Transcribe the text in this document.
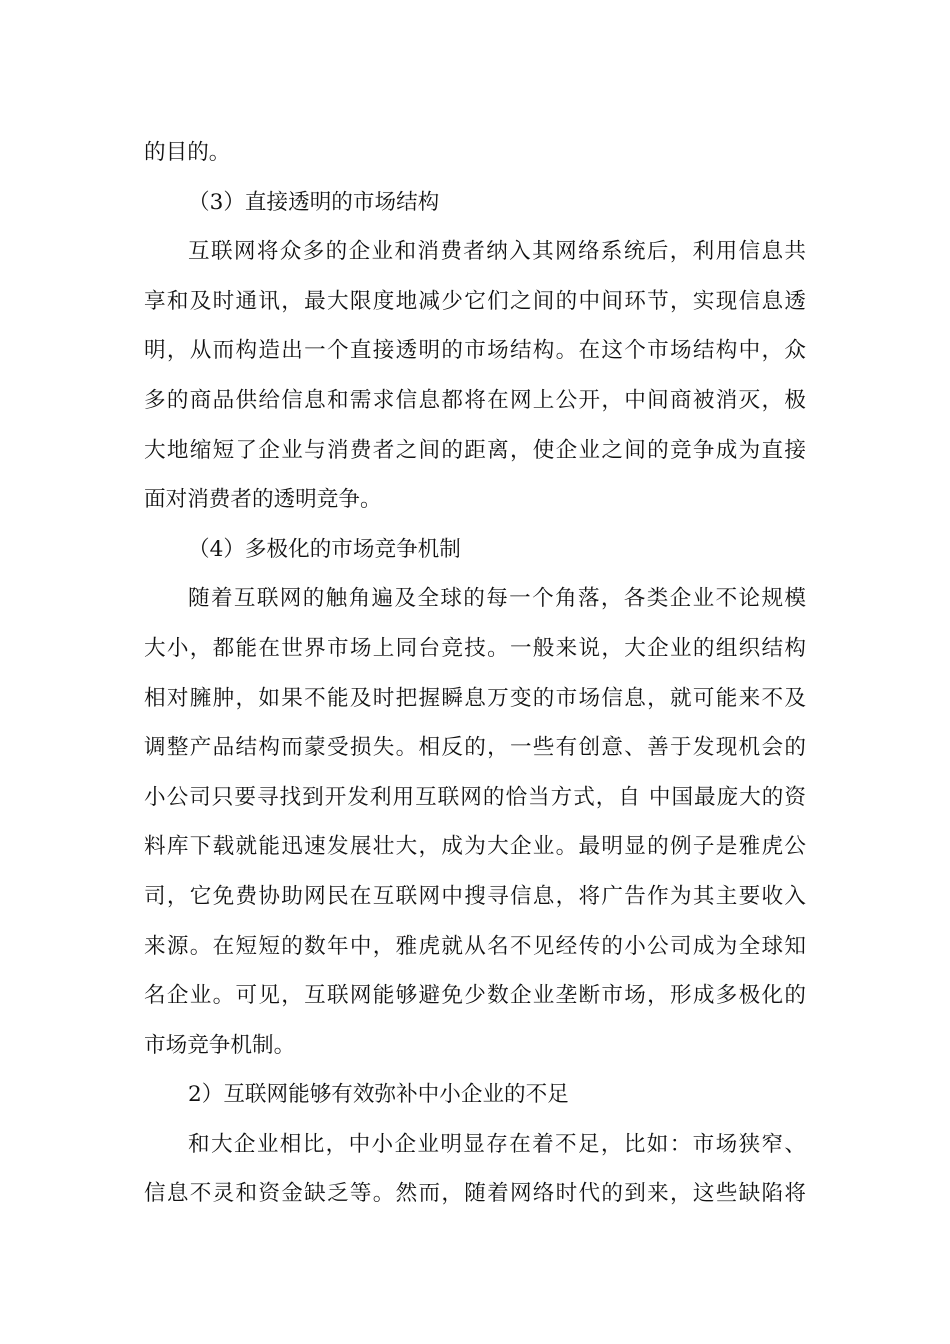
的目的。
（3）直接透明的市场结构
互联网将众多的企业和消费者纳入其网络系统后，利用信息共
享和及时通讯，最大限度地减少它们之间的中间环节，实现信息透
明，从而构造出一个直接透明的市场结构。在这个市场结构中，众
多的商品供给信息和需求信息都将在网上公开，中间商被消灭，极
大地缩短了企业与消费者之间的距离，使企业之间的竞争成为直接
面对消费者的透明竞争。
（4）多极化的市场竞争机制
随着互联网的触角遍及全球的每一个角落，各类企业不论规模
大小，都能在世界市场上同台竞技。一般来说，大企业的组织结构
相对臃肿，如果不能及时把握瞬息万变的市场信息，就可能来不及
调整产品结构而蒙受损失。相反的，一些有创意、善于发现机会的
小公司只要寻找到开发利用互联网的恰当方式，自 中国最庞大的资
料库下载就能迅速发展壮大，成为大企业。最明显的例子是雅虎公
司，它免费协助网民在互联网中搜寻信息，将广告作为其主要收入
来源。在短短的数年中，雅虎就从名不见经传的小公司成为全球知
名企业。可见，互联网能够避免少数企业垄断市场，形成多极化的
市场竞争机制。
2）互联网能够有效弥补中小企业的不足
和大企业相比，中小企业明显存在着不足，比如：市场狭窄、
信息不灵和资金缺乏等。然而，随着网络时代的到来，这些缺陷将
